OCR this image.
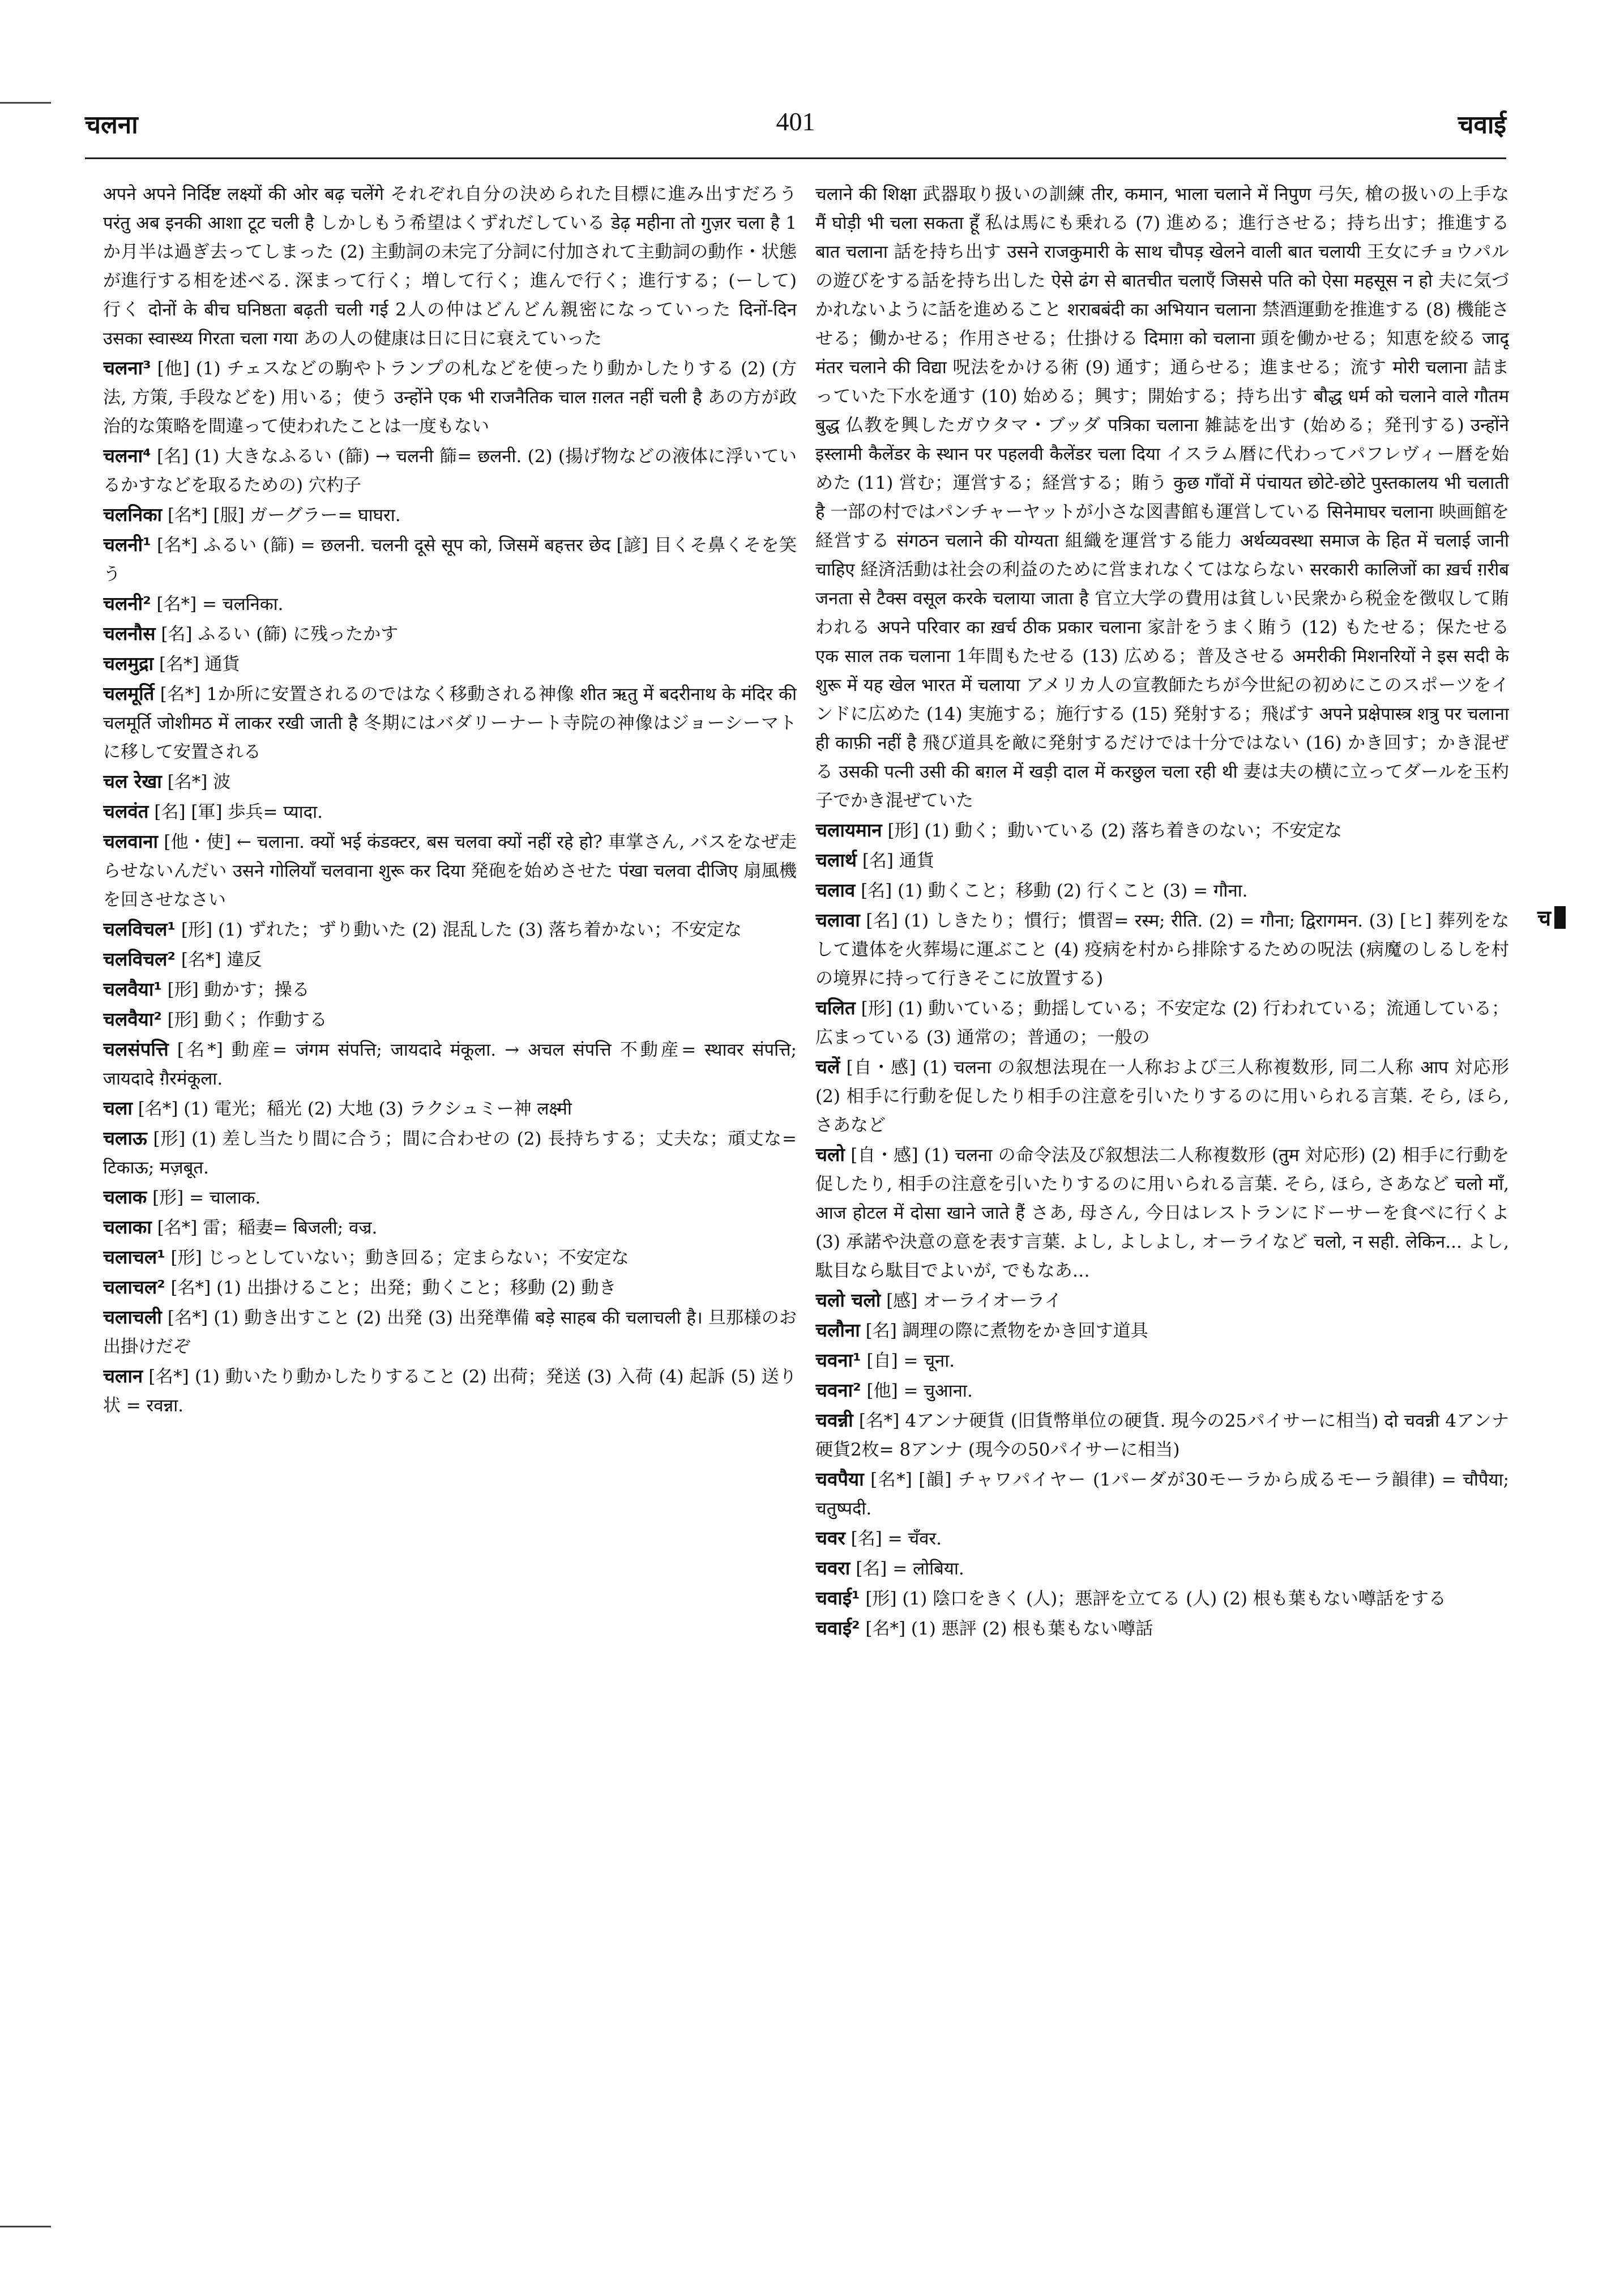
चलना	401	चवाई

अपने अपने निर्दिष्ट लक्ष्यों की ओर बढ़ चलेंगे それぞれ自分の決められた目標に進み出すだろう परंतु अब इनकी आशा टूट चली है しかしもう希望はくずれだしている डेढ़ महीना तो गुज़र चला है 1か月半は過ぎ去ってしまった (2) 主動詞の未完了分詞に付加されて主動詞の動作・状態が進行する相を述べる. 深まって行く；増して行く；進んで行く；進行する；(ーして) 行く दोनों के बीच घनिष्ठता बढ़ती चली गई 2人の仲はどんどん親密になっていった दिनों-दिन उसका स्वास्थ्य गिरता चला गया あの人の健康は日に日に衰えていった

चलना³ [他] (1) チェスなどの駒やトランプの札などを使ったり動かしたりする (2) (方法, 方策, 手段などを) 用いる；使う उन्होंने एक भी राजनैतिक चाल ग़लत नहीं चली है あの方が政治的な策略を間違って使われたことは一度もない

चलना⁴ [名] (1) 大きなふるい (篩) → चलनी 篩= छलनी. (2) (揚げ物などの液体に浮いているかすなどを取るための) 穴杓子

चलनिका [名*] [服] ガーグラー= घाघरा.

चलनी¹ [名*] ふるい (篩) = छलनी. चलनी दूसे सूप को, जिसमें बहत्तर छेद [諺] 目くそ鼻くそを笑う

चलनी² [名*] = चलनिका.

चलनौस [名] ふるい (篩) に残ったかす

चलमुद्रा [名*] 通貨

चलमूर्ति [名*] 1か所に安置されるのではなく移動される神像 शीत ऋतु में बदरीनाथ के मंदिर की चलमूर्ति जोशीमठ में लाकर रखी जाती है 冬期にはバダリーナート寺院の神像はジョーシーマトに移して安置される

चल रेखा [名*] 波

चलवंत [名] [軍] 歩兵= प्यादा.

चलवाना [他・使] ← चलाना. क्यों भई कंडक्टर, बस चलवा क्यों नहीं रहे हो? 車掌さん, バスをなぜ走らせないんだい उसने गोलियाँ चलवाना शुरू कर दिया 発砲を始めさせた पंखा चलवा दीजिए 扇風機を回させなさい

चलविचल¹ [形] (1) ずれた；ずり動いた (2) 混乱した (3) 落ち着かない；不安定な

चलविचल² [名*] 違反

चलवैया¹ [形] 動かす；操る

चलवैया² [形] 動く；作動する

चलसंपत्ति [名*] 動産= जंगम संपत्ति; जायदादे मंकूला. → अचल संपत्ति 不動産= स्थावर संपत्ति; जायदादे ग़ैरमंकूला.

चला [名*] (1) 電光；稲光 (2) 大地 (3) ラクシュミー神 लक्ष्मी

चलाऊ [形] (1) 差し当たり間に合う；間に合わせの (2) 長持ちする；丈夫な；頑丈な= टिकाऊ; मज़बूत.

चलाक [形] = चालाक.

चलाका [名*] 雷；稲妻= बिजली; वज्र.

चलाचल¹ [形] じっとしていない；動き回る；定まらない；不安定な

चलाचल² [名*] (1) 出掛けること；出発；動くこと；移動 (2) 動き

चलाचली [名*] (1) 動き出すこと (2) 出発 (3) 出発準備 बड़े साहब की चलाचली है। 旦那様のお出掛けだぞ

चलान [名*] (1) 動いたり動かしたりすること (2) 出荷；発送 (3) 入荷 (4) 起訴 (5) 送り状 = रवन्ना.

चलाने की शिक्षा 武器取り扱いの訓練 तीर, कमान, भाला चलाने में निपुण 弓矢, 槍の扱いの上手な मैं घोड़ी भी चला सकता हूँ 私は馬にも乗れる (7) 進める；進行させる；持ち出す；推進する बात चलाना 話を持ち出す उसने राजकुमारी के साथ चौपड़ खेलने वाली बात चलायी 王女にチョウパルの遊びをする話を持ち出した ऐसे ढंग से बातचीत चलाएँ जिससे पति को ऐसा महसूस न हो 夫に気づかれないように話を進めること शराबबंदी का अभियान चलाना 禁酒運動を推進する (8) 機能させる；働かせる；作用させる；仕掛ける दिमाग़ को चलाना 頭を働かせる；知恵を絞る जादू मंतर चलाने की विद्या 呪法をかける術 (9) 通す；通らせる；進ませる；流す मोरी चलाना 詰まっていた下水を通す (10) 始める；興す；開始する；持ち出す बौद्ध धर्म को चलाने वाले गौतम बुद्ध 仏教を興したガウタマ・ブッダ पत्रिका चलाना 雑誌を出す (始める；発刊する) उन्होंने इस्लामी कैलेंडर के स्थान पर पहलवी कैलेंडर चला दिया イスラム暦に代わってパフレヴィー暦を始めた (11) 営む；運営する；経営する；賄う कुछ गाँवों में पंचायत छोटे-छोटे पुस्तकालय भी चलाती है 一部の村ではパンチャーヤットが小さな図書館も運営している सिनेमाघर चलाना 映画館を経営する संगठन चलाने की योग्यता 組織を運営する能力 अर्थव्यवस्था समाज के हित में चलाई जानी चाहिए 経済活動は社会の利益のために営まれなくてはならない सरकारी कालिजों का ख़र्च ग़रीब जनता से टैक्स वसूल करके चलाया जाता है 官立大学の費用は貧しい民衆から税金を徴収して賄われる अपने परिवार का ख़र्च ठीक प्रकार चलाना 家計をうまく賄う (12) もたせる；保たせる एक साल तक चलाना 1年間もたせる (13) 広める；普及させる अमरीकी मिशनरियों ने इस सदी के शुरू में यह खेल भारत में चलाया アメリカ人の宣教師たちが今世紀の初めにこのスポーツをインドに広めた (14) 実施する；施行する (15) 発射する；飛ばす अपने प्रक्षेपास्त्र शत्रु पर चलाना ही काफ़ी नहीं है 飛び道具を敵に発射するだけでは十分ではない (16) かき回す；かき混ぜる उसकी पत्नी उसी की बग़ल में खड़ी दाल में करछुल चला रही थी 妻は夫の横に立ってダールを玉杓子でかき混ぜていた

चलायमान [形] (1) 動く；動いている (2) 落ち着きのない；不安定な

चलार्थ [名] 通貨

चलाव [名] (1) 動くこと；移動 (2) 行くこと (3) = गौना.

चलावा [名] (1) しきたり；慣行；慣習= रस्म; रीति. (2) = गौना; द्विरागमन. (3) [ヒ] 葬列をなして遺体を火葬場に運ぶこと (4) 疫病を村から排除するための呪法 (病魔のしるしを村の境界に持って行きそこに放置する)

चलित [形] (1) 動いている；動揺している；不安定な (2) 行われている；流通している；広まっている (3) 通常の；普通の；一般の

चलें [自・感] (1) चलना の叙想法現在一人称および三人称複数形, 同二人称 आप 対応形 (2) 相手に行動を促したり相手の注意を引いたりするのに用いられる言葉. そら, ほら, さあなど

चलो [自・感] (1) चलना の命令法及び叙想法二人称複数形 (तुम 対応形) (2) 相手に行動を促したり, 相手の注意を引いたりするのに用いられる言葉. そら, ほら, さあなど चलो माँ, आज होटल में दोसा खाने जाते हैं さあ, 母さん, 今日はレストランにドーサーを食べに行くよ (3) 承諾や決意の意を表す言葉. よし, よしよし, オーライなど चलो, न सही. लेकिन... よし, 駄目なら駄目でよいが, でもなあ…

चलो चलो [感] オーライオーライ

चलौना [名] 調理の際に煮物をかき回す道具

चवना¹ [自] = चूना.

चवना² [他] = चुआना.

चवन्नी [名*] 4アンナ硬貨 (旧貨幣単位の硬貨. 現今の25パイサーに相当) दो चवन्नी 4アンナ硬貨2枚= 8アンナ (現今の50パイサーに相当)

चवपैया [名*] [韻] チャワパイヤー (1パーダが30モーラから成るモーラ韻律) = चौपैया; चतुष्पदी.

चवर [名] = चँवर.

चवरा [名] = लोबिया.

चवाई¹ [形] (1) 陰口をきく (人)；悪評を立てる (人) (2) 根も葉もない噂話をする

चवाई² [名*] (1) 悪評 (2) 根も葉もない噂話

च
